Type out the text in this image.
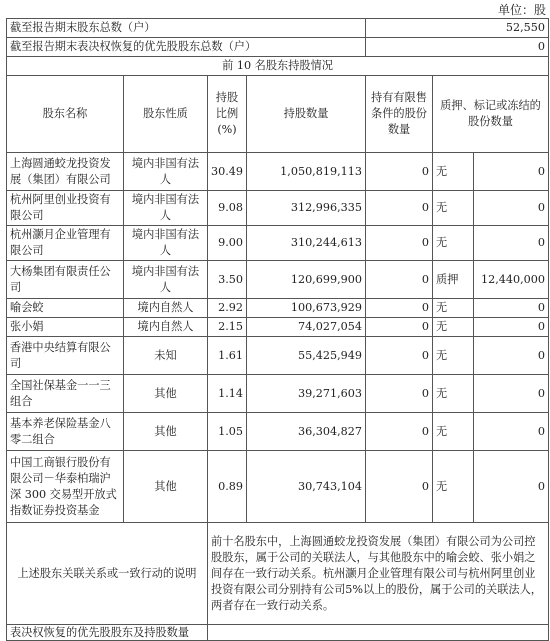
单位：股
截至报告期末股东总数（户）				52,550		
截至报告期末表决权恢复的优先股股东总数（户）				0		
前 10 名股东持股情况						
股东名称	股东性质	持股比例(%)	持股数量	持有有限售条件的股份数量	质押、标记或冻结的股份数量	

上海圆通蛟龙投资发展（集团）有限公司	境内非国有法人	30.49	1,050,819,113	0	无	0
杭州阿里创业投资有限公司	境内非国有法人	9.08	312,996,335	0	无	0
杭州灏月企业管理有限公司	境内非国有法人	9.00	310,244,613	0	无	0
大杨集团有限责任公司	境内非国有法人	3.50	120,699,900	0	质押	12,440,000
喻会蛟	境内自然人	2.92	100,673,929	0	无	0
张小娟	境内自然人	2.15	74,027,054	0	无	0
香港中央结算有限公司	未知	1.61	55,425,949	0	无	0
全国社保基金一一三组合	其他	1.14	39,271,603	0	无	0
基本养老保险基金八零二组合	其他	1.05	36,304,827	0	无	0
中国工商银行股份有限公司－华泰柏瑞沪深 300 交易型开放式指数证券投资基金	其他	0.89	30,743,104	0	无	0
上述股东关联关系或一致行动的说明		前十名股东中，上海圆通蛟龙投资发展（集团）有限公司为公司控股股东，属于公司的关联法人，与其他股东中的喻会蛟、张小娟之间存在一致行动关系。杭州灏月企业管理有限公司与杭州阿里创业投资有限公司分别持有公司5%以上的股份，属于公司的关联法人，两者存在一致行动关系。				
表决权恢复的优先股股东及持股数量						
